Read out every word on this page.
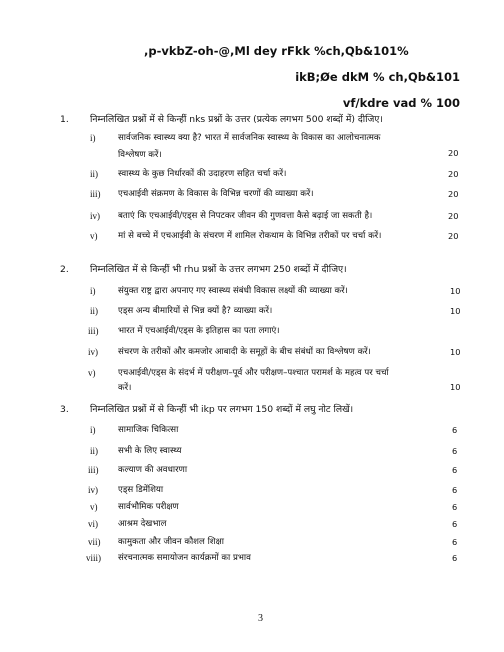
,p-vkbZ-oh-@,Ml dey rFkk %ch,Qb&101%
ikB;Øe dkM % ch,Qb&101
vf/kdre vad % 100
1. निम्नलिखित प्रश्नों में से किन्हीं nks प्रश्नों के उत्तर (प्रत्येक लगभग 500 शब्दों में) दीजिए।
i)	सार्वजनिक स्वास्थ्य क्या है? भारत में सार्वजनिक स्वास्थ्य के विकास का आलोचनात्मक
विश्लेषण करें।	20
ii) स्वास्थ्य के कुछ निर्धारकों की उदाहरण सहित चर्चा करें।	20
iii) एचआईवी संक्रमण के विकास के विभिन्न चरणों की व्याख्या करें।	20
iv) बताएं कि एचआईवी/एड्स से निपटकर जीवन की गुणवत्ता कैसे बढ़ाई जा सकती है।	20
v) मां से बच्चे में एचआईवी के संचरण में शामिल रोकथाम के विभिन्न तरीकों पर चर्चा करें।	20
2. निम्नलिखित में से किन्हीं भी rhu प्रश्नों के उत्तर लगभग 250 शब्दों में दीजिए।
i)	संयुक्त राष्ट्र द्वारा अपनाए गए स्वास्थ्य संबंधी विकास लक्ष्यों की व्याख्या करें।	10
ii) एड्स अन्य बीमारियों से भिन्न क्यों है? व्याख्या करें।	10
iii) भारत में एचआईवी/एड्स के इतिहास का पता लगाएं।
iv) संचरण के तरीकों और कमजोर आबादी के समूहों के बीच संबंधों का विश्लेषण करें।	10
v)	एचआईवी/एड्स के संदर्भ में परीक्षण–पूर्व और परीक्षण–पश्चात परामर्श के महत्व पर चर्चा
करें।	10
3. निम्नलिखित प्रश्नों में से किन्हीं भी ikp पर लगभग 150 शब्दों में लघु नोट लिखें।
i)	सामाजिक चिकित्सा	6
ii) सभी के लिए स्वास्थ्य	6
iii) कल्याण की अवधारणा	6
iv) एड्स डिमेंशिया	6
v) सार्वभौमिक परीक्षण	6
vi) आश्रम देखभाल	6
vii) कामुकता और जीवन कौशल शिक्षा	6
viii) संरचनात्मक समायोजन कार्यक्रमों का प्रभाव	6
3
